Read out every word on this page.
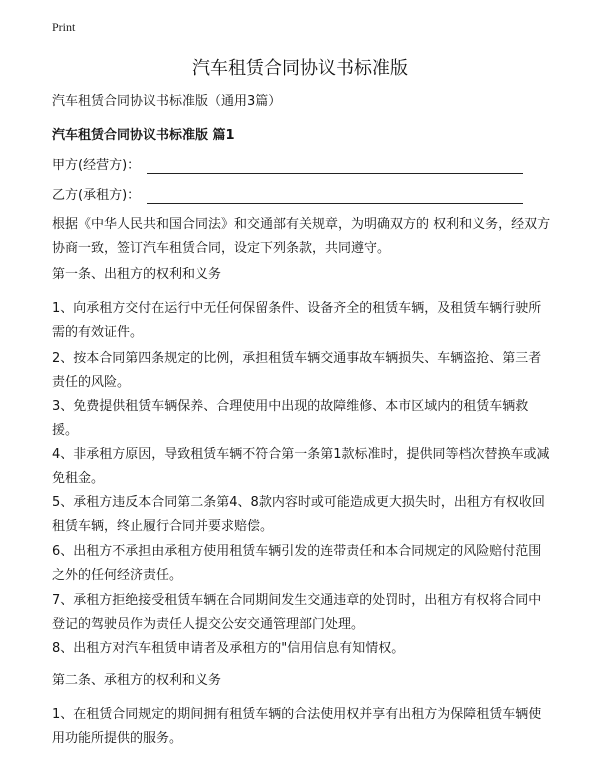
Print
汽车租赁合同协议书标准版
汽车租赁合同协议书标准版（通用3篇）
汽车租赁合同协议书标准版 篇1
甲方(经营方)：
乙方(承租方)：
根据《中华人民共和国合同法》和交通部有关规章，为明确双方的 权利和义务，经双方协商一致，签订汽车租赁合同，设定下列条款，共同遵守。
第一条、出租方的权利和义务
1、向承租方交付在运行中无任何保留条件、设备齐全的租赁车辆，及租赁车辆行驶所需的有效证件。
2、按本合同第四条规定的比例，承担租赁车辆交通事故车辆损失、车辆盗抢、第三者责任的风险。
3、免费提供租赁车辆保养、合理使用中出现的故障维修、本市区域内的租赁车辆救援。
4、非承租方原因，导致租赁车辆不符合第一条第1款标准时，提供同等档次替换车或减免租金。
5、承租方违反本合同第二条第4、8款内容时或可能造成更大损失时，出租方有权收回租赁车辆，终止履行合同并要求赔偿。
6、出租方不承担由承租方使用租赁车辆引发的连带责任和本合同规定的风险赔付范围之外的任何经济责任。
7、承租方拒绝接受租赁车辆在合同期间发生交通违章的处罚时，出租方有权将合同中登记的驾驶员作为责任人提交公安交通管理部门处理。
8、出租方对汽车租赁申请者及承租方的"信用信息有知情权。
第二条、承租方的权利和义务
1、在租赁合同规定的期间拥有租赁车辆的合法使用权并享有出租方为保障租赁车辆使用功能所提供的服务。
